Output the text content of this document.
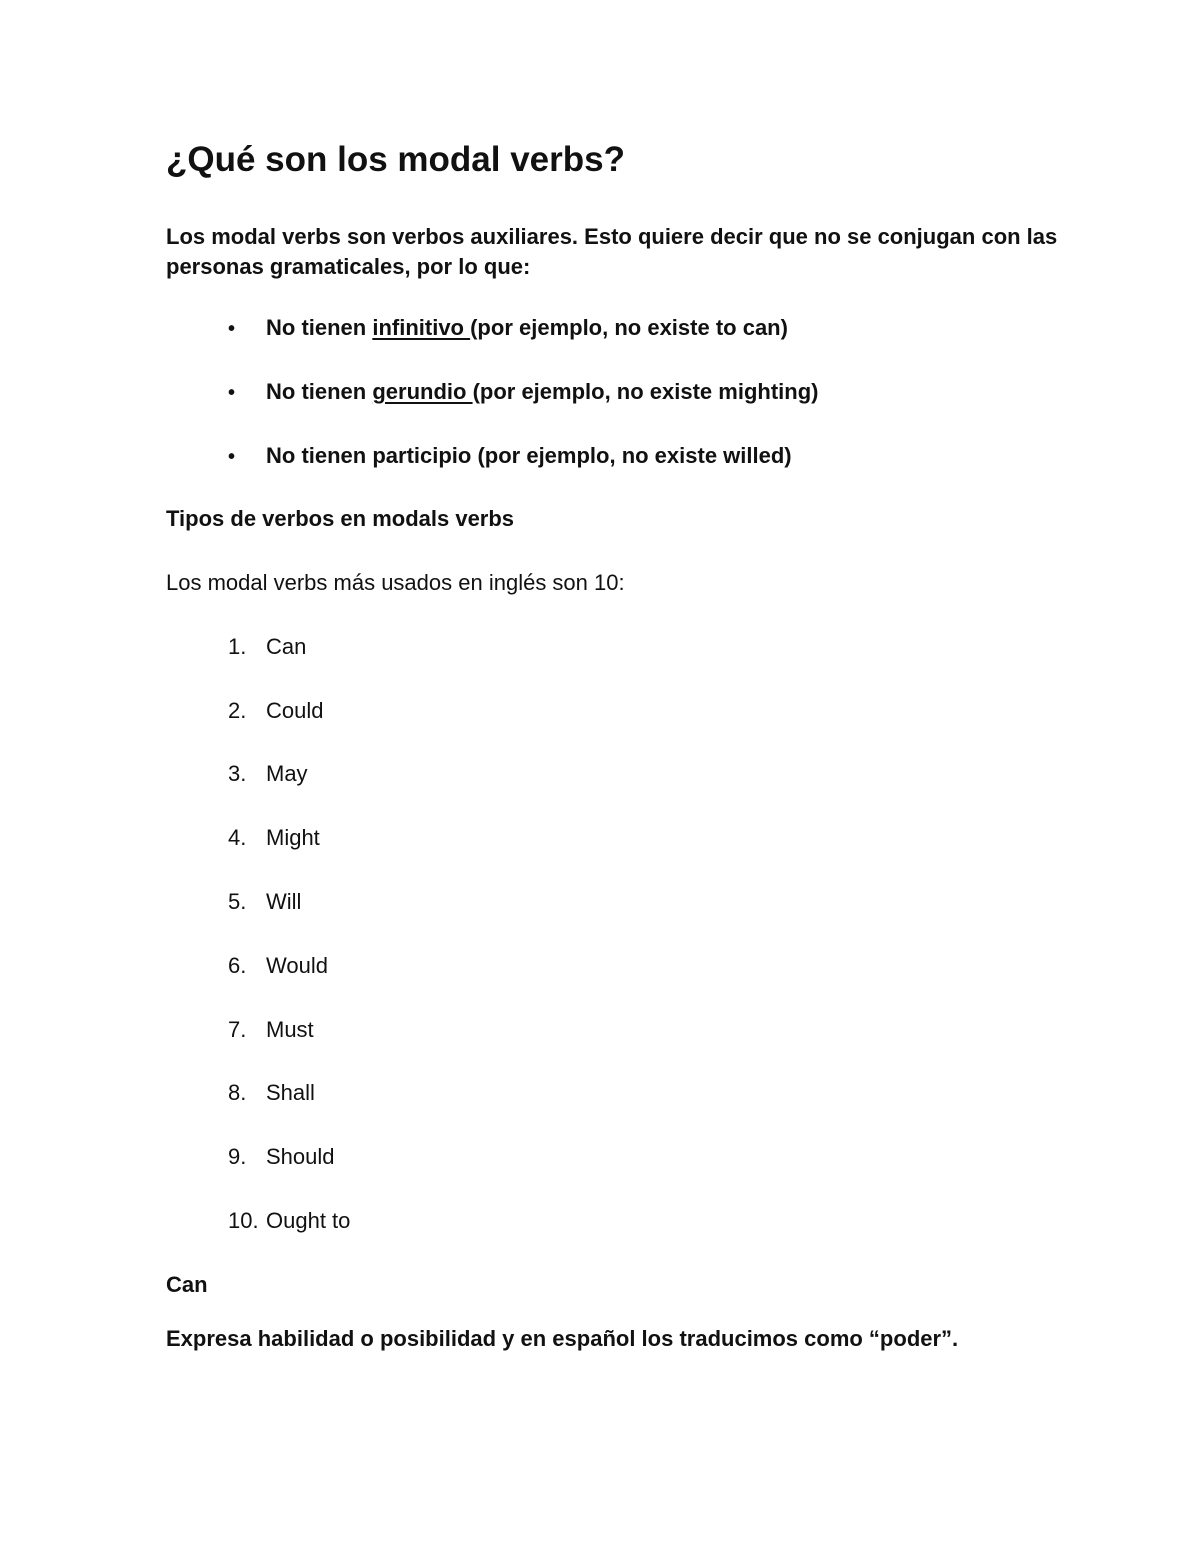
¿Qué son los modal verbs?

Los modal verbs son verbos auxiliares. Esto quiere decir que no se conjugan con las personas gramaticales, por lo que:

• No tienen infinitivo (por ejemplo, no existe to can)
• No tienen gerundio (por ejemplo, no existe mighting)
• No tienen participio (por ejemplo, no existe willed)
Tipos de verbos en modals verbs
Los modal verbs más usados en inglés son 10:
1. Can
2. Could
3. May
4. Might
5. Will
6. Would
7. Must
8. Shall
9. Should
10. Ought to
Can
Expresa habilidad o posibilidad y en español los traducimos como “poder”.
